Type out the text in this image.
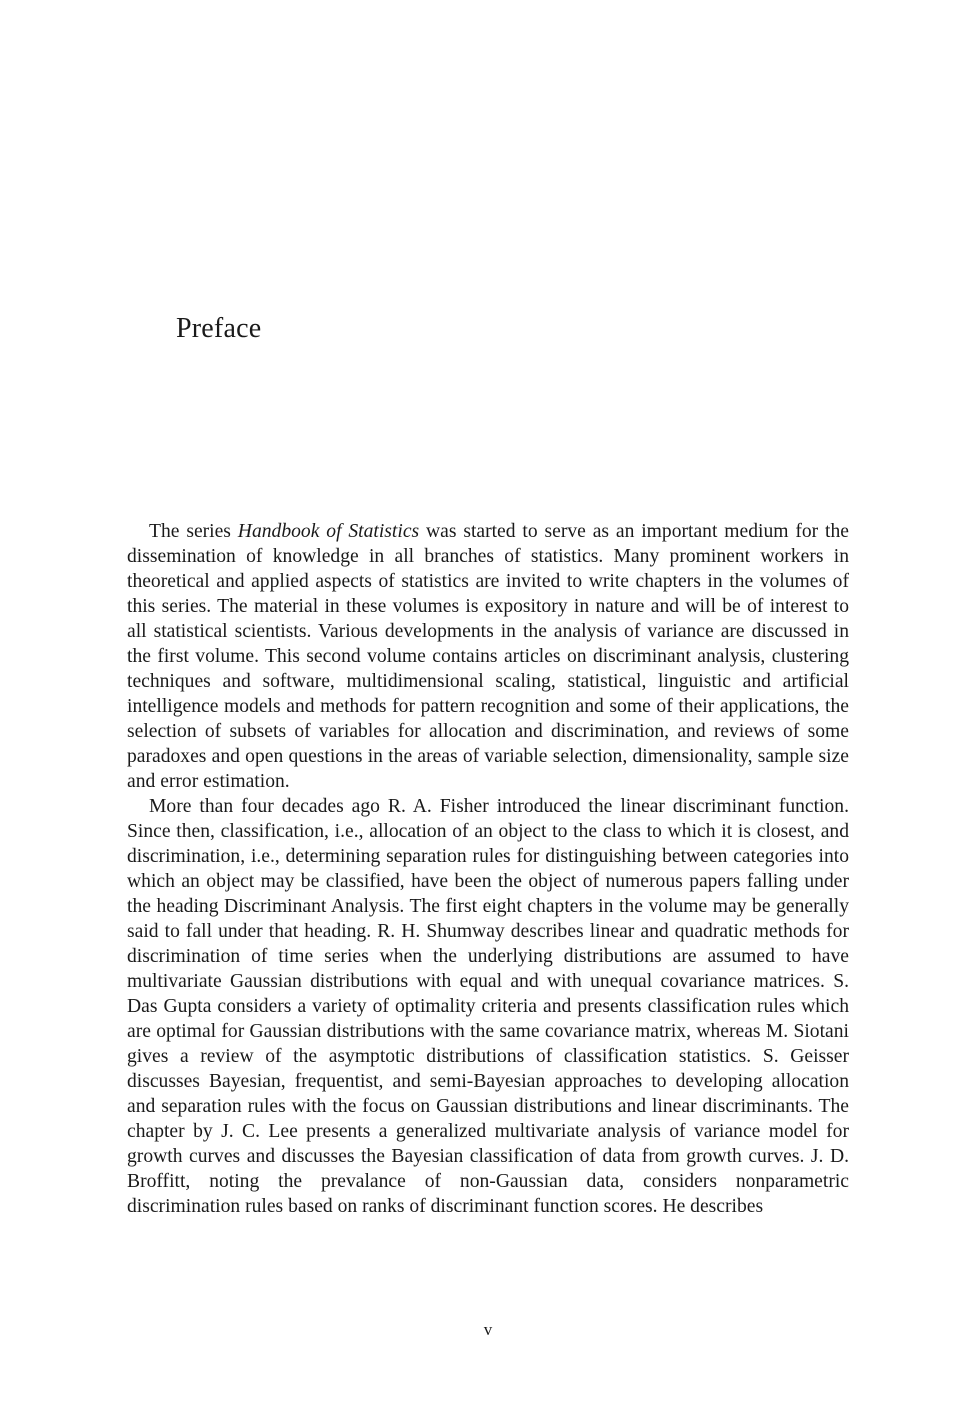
Preface

The series Handbook of Statistics was started to serve as an important medium for the dissemination of knowledge in all branches of statistics. Many prominent workers in theoretical and applied aspects of statistics are invited to write chapters in the volumes of this series. The material in these volumes is expository in nature and will be of interest to all statistical scientists. Various developments in the analysis of variance are discussed in the first volume. This second volume contains articles on discriminant analysis, clustering techniques and software, multidimensional scaling, statistical, linguistic and artificial intelligence models and methods for pattern recognition and some of their applications, the selection of subsets of variables for allocation and discrimination, and reviews of some paradoxes and open questions in the areas of variable selection, dimensionality, sample size and error estimation.

More than four decades ago R. A. Fisher introduced the linear discriminant function. Since then, classification, i.e., allocation of an object to the class to which it is closest, and discrimination, i.e., determining separation rules for distinguishing between categories into which an object may be classified, have been the object of numerous papers falling under the heading Discriminant Analysis. The first eight chapters in the volume may be generally said to fall under that heading. R. H. Shumway describes linear and quadratic methods for discrimination of time series when the underlying distributions are assumed to have multivariate Gaussian distributions with equal and with unequal covariance matrices. S. Das Gupta considers a variety of optimality criteria and presents classification rules which are optimal for Gaussian distributions with the same covariance matrix, whereas M. Siotani gives a review of the asymptotic distributions of classification statistics. S. Geisser discusses Bayesian, frequentist, and semi-Bayesian approaches to developing allocation and separation rules with the focus on Gaussian distributions and linear discriminants. The chapter by J. C. Lee presents a generalized multivariate analysis of variance model for growth curves and discusses the Bayesian classification of data from growth curves. J. D. Broffitt, noting the prevalance of non-Gaussian data, considers nonparametric discrimination rules based on ranks of discriminant function scores. He describes

v
